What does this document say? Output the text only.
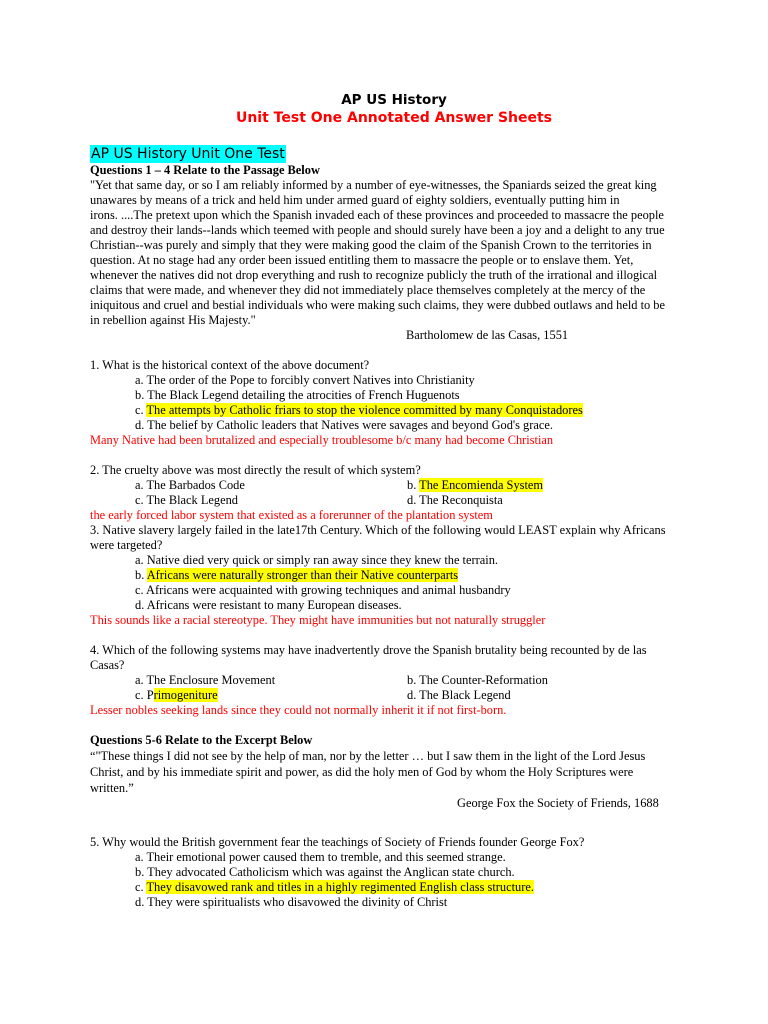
AP US History
Unit Test One Annotated Answer Sheets
AP US History Unit One Test
Questions 1 – 4 Relate to the Passage Below
"Yet that same day, or so I am reliably informed by a number of eye-witnesses, the Spaniards seized the great king
unawares by means of a trick and held him under armed guard of eighty soldiers, eventually putting him in
irons. ....The pretext upon which the Spanish invaded each of these provinces and proceeded to massacre the people
and destroy their lands--lands which teemed with people and should surely have been a joy and a delight to any true
Christian--was purely and simply that they were making good the claim of the Spanish Crown to the territories in
question. At no stage had any order been issued entitling them to massacre the people or to enslave them. Yet,
whenever the natives did not drop everything and rush to recognize publicly the truth of the irrational and illogical
claims that were made, and whenever they did not immediately place themselves completely at the mercy of the
iniquitous and cruel and bestial individuals who were making such claims, they were dubbed outlaws and held to be
in rebellion against His Majesty."
Bartholomew de las Casas, 1551
1. What is the historical context of the above document?
a. The order of the Pope to forcibly convert Natives into Christianity
b. The Black Legend detailing the atrocities of French Huguenots
c. The attempts by Catholic friars to stop the violence committed by many Conquistadores
d. The belief by Catholic leaders that Natives were savages and beyond God's grace.
Many Native had been brutalized and especially troublesome b/c many had become Christian
2. The cruelty above was most directly the result of which system?
a. The Barbados Code	b. The Encomienda System
c. The Black Legend	d. The Reconquista
the early forced labor system that existed as a forerunner of the plantation system
3. Native slavery largely failed in the late17th Century. Which of the following would LEAST explain why Africans
were targeted?
a. Native died very quick or simply ran away since they knew the terrain.
b. Africans were naturally stronger than their Native counterparts
c. Africans were acquainted with growing techniques and animal husbandry
d. Africans were resistant to many European diseases.
This sounds like a racial stereotype. They might have immunities but not naturally struggler
4. Which of the following systems may have inadvertently drove the Spanish brutality being recounted by de las
Casas?
a. The Enclosure Movement	b. The Counter-Reformation
c. Primogeniture	d. The Black Legend
Lesser nobles seeking lands since they could not normally inherit it if not first-born.
Questions 5-6 Relate to the Excerpt Below
“"These things I did not see by the help of man, nor by the letter … but I saw them in the light of the Lord Jesus
Christ, and by his immediate spirit and power, as did the holy men of God by whom the Holy Scriptures were
written.”
George Fox the Society of Friends, 1688
5. Why would the British government fear the teachings of Society of Friends founder George Fox?
a. Their emotional power caused them to tremble, and this seemed strange.
b. They advocated Catholicism which was against the Anglican state church.
c. They disavowed rank and titles in a highly regimented English class structure.
d. They were spiritualists who disavowed the divinity of Christ
